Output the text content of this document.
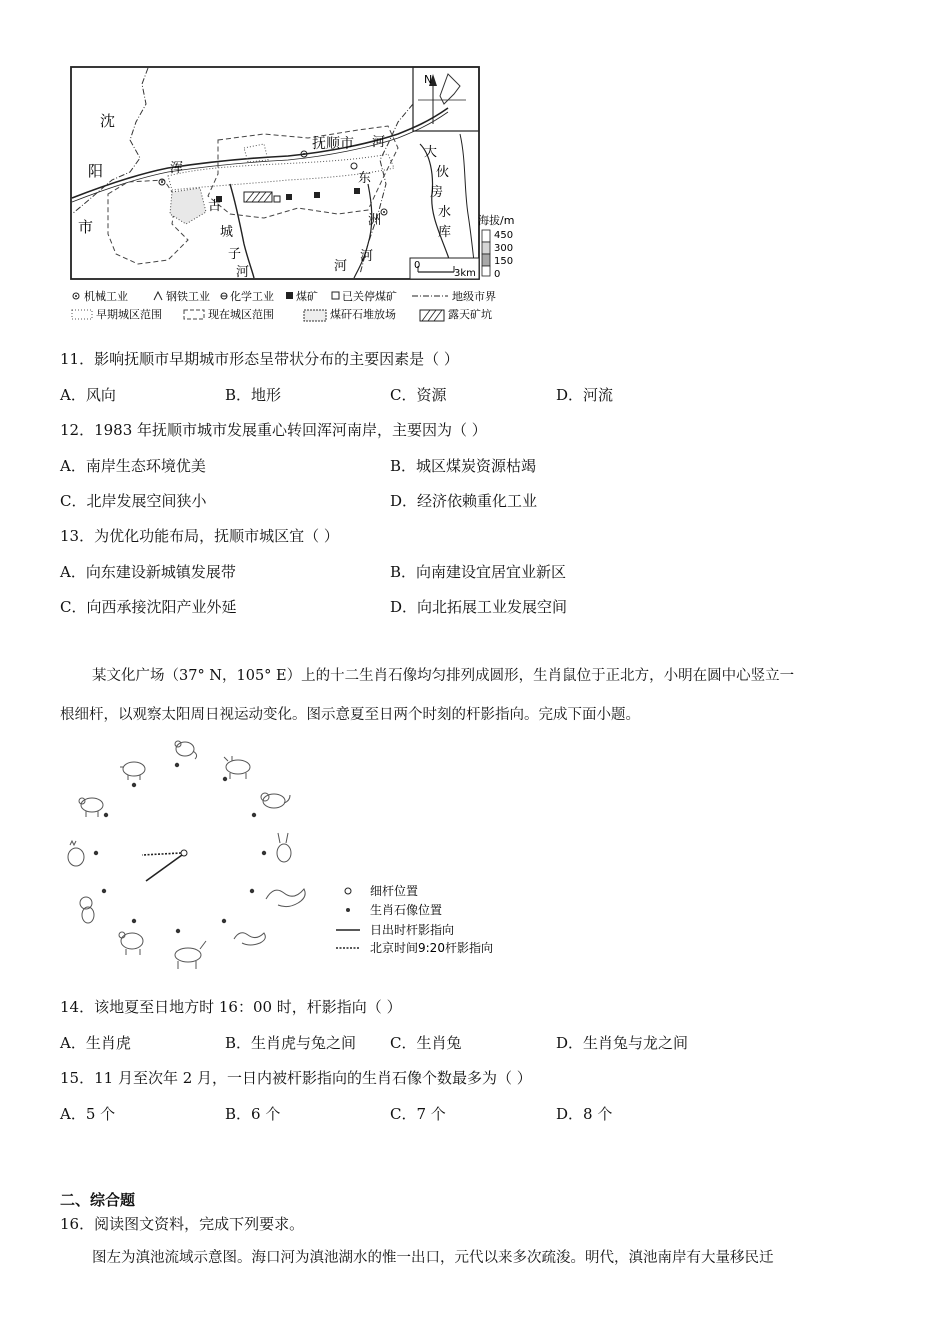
N
沈
阳
市
抚顺市
浑
河
东
洲
河
古
城
子
河	河
大
伙
房
水
库
海拔/m
450
300
150
0
0
3km
机械工业	钢铁工业 化学工业 煤矿 已关停煤矿	地级市界
早期城区范围	现在城区范围	煤矸石堆放场	露天矿坑
11．影响抚顺市早期城市形态呈带状分布的主要因素是（ ）
A．风向	B．地形	C．资源	D．河流
12．1983 年抚顺市城市发展重心转回浑河南岸，主要因为（ ）
A．南岸生态环境优美	B．城区煤炭资源枯竭
C．北岸发展空间狭小	D．经济依赖重化工业
13．为优化功能布局，抚顺市城区宜（ ）
A．向东建设新城镇发展带	B．向南建设宜居宜业新区
C．向西承接沈阳产业外延	D．向北拓展工业发展空间
某文化广场（37° N，105° E）上的十二生肖石像均匀排列成圆形，生肖鼠位于正北方，小明在圆中心竖立一
根细杆，以观察太阳周日视运动变化。图示意夏至日两个时刻的杆影指向。完成下面小题。
细杆位置
生肖石像位置
日出时杆影指向
北京时间9:20杆影指向
14．该地夏至日地方时 16：00 时，杆影指向（ ）
A．生肖虎	B．生肖虎与兔之间 C．生肖兔	D．生肖兔与龙之间
15．11 月至次年 2 月，一日内被杆影指向的生肖石像个数最多为（ ）
A．5 个	B．6 个	C．7 个	D．8 个
二、综合题
16．阅读图文资料，完成下列要求。
图左为滇池流域示意图。海口河为滇池湖水的惟一出口，元代以来多次疏浚。明代，滇池南岸有大量移民迁
